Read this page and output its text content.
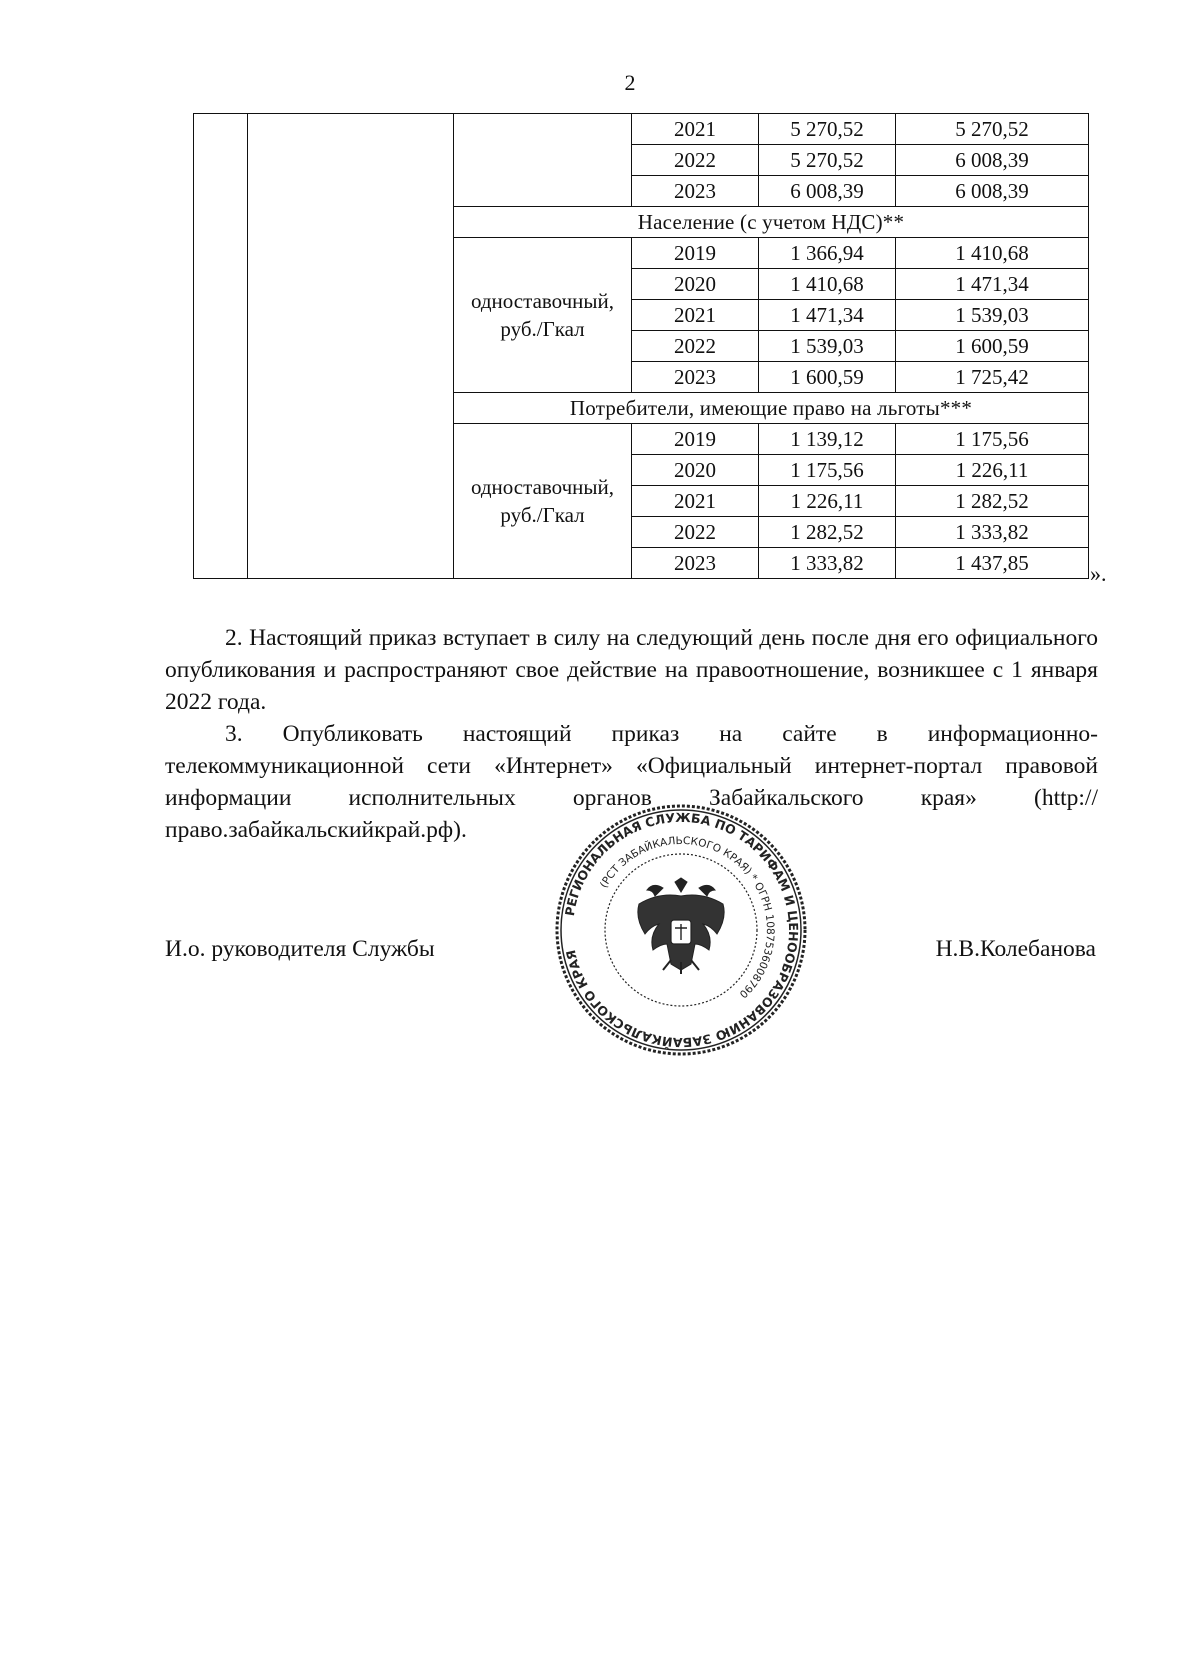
2
			2021	5 270,52	5 270,52
			2022	5 270,52	6 008,39
			2023	6 008,39	6 008,39
		Население (с учетом НДС)**			
		одноставочный, руб./Гкал	2019	1 366,94	1 410,68
			2020	1 410,68	1 471,34
			2021	1 471,34	1 539,03
			2022	1 539,03	1 600,59
			2023	1 600,59	1 725,42
		Потребители, имеющие право на льготы***			
		одноставочный, руб./Гкал	2019	1 139,12	1 175,56
			2020	1 175,56	1 226,11
			2021	1 226,11	1 282,52
			2022	1 282,52	1 333,82
			2023	1 333,82	1 437,85	».
2. Настоящий приказ вступает в силу на следующий день после дня его официального опубликования и распространяют свое действие на правоотношение, возникшее с 1 января 2022 года.
3. Опубликовать настоящий приказ на сайте в информационно-телекоммуникационной сети «Интернет» «Официальный интернет-портал правовой информации исполнительных органов Забайкальского края» (http://право.забайкальскийкрай.рф).
И.о. руководителя Службы	Н.В.Колебанова
РЕГИОНАЛЬНАЯ СЛУЖБА ПО ТАРИФАМ И ЦЕНООБРАЗОВАНИЮ ЗАБАЙКАЛЬСКОГО КРАЯ
(РСТ ЗАБАЙКАЛЬСКОГО КРАЯ) * ОГРН 1087536008790
